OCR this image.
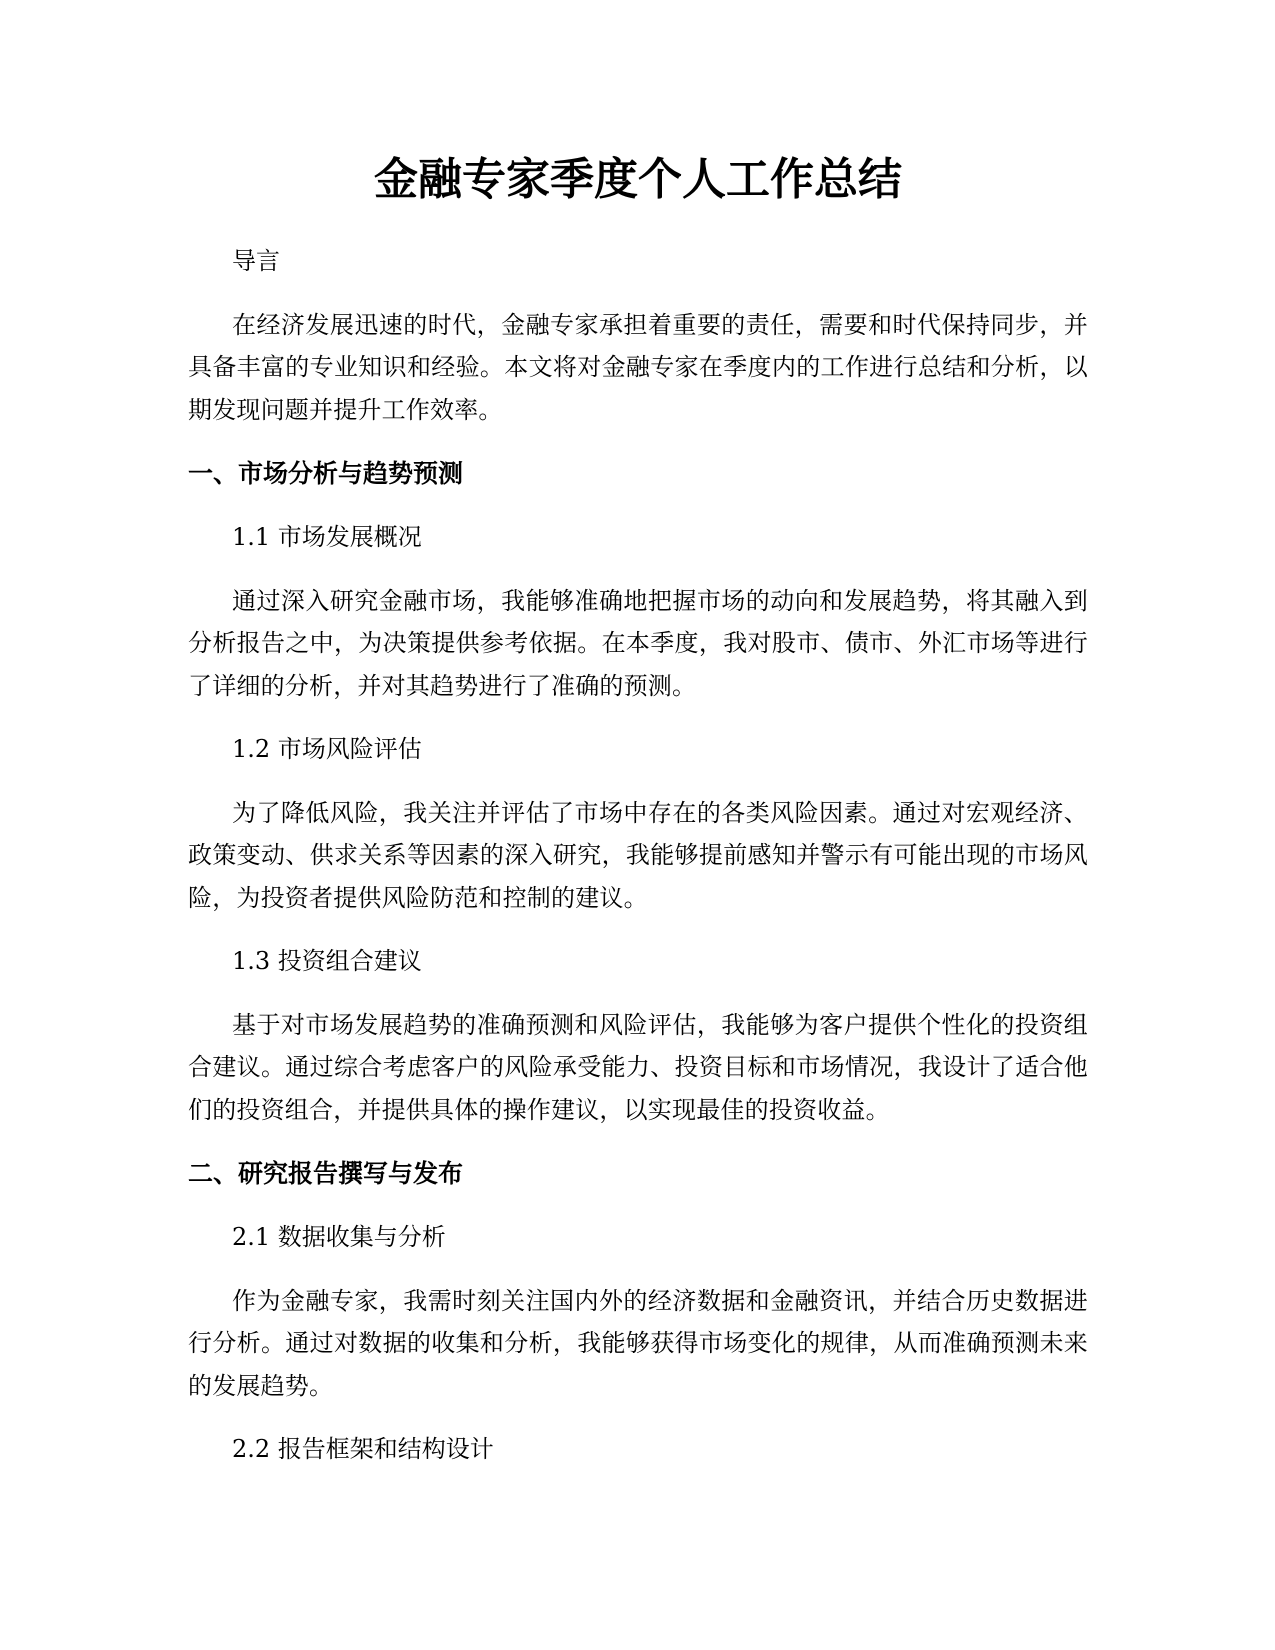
金融专家季度个人工作总结

导言

在经济发展迅速的时代，金融专家承担着重要的责任，需要和时代保持同步，并具备丰富的专业知识和经验。本文将对金融专家在季度内的工作进行总结和分析，以期发现问题并提升工作效率。

一、市场分析与趋势预测

1.1 市场发展概况

通过深入研究金融市场，我能够准确地把握市场的动向和发展趋势，将其融入到分析报告之中，为决策提供参考依据。在本季度，我对股市、债市、外汇市场等进行了详细的分析，并对其趋势进行了准确的预测。

1.2 市场风险评估

为了降低风险，我关注并评估了市场中存在的各类风险因素。通过对宏观经济、政策变动、供求关系等因素的深入研究，我能够提前感知并警示有可能出现的市场风险，为投资者提供风险防范和控制的建议。

1.3 投资组合建议

基于对市场发展趋势的准确预测和风险评估，我能够为客户提供个性化的投资组合建议。通过综合考虑客户的风险承受能力、投资目标和市场情况，我设计了适合他们的投资组合，并提供具体的操作建议，以实现最佳的投资收益。

二、研究报告撰写与发布

2.1 数据收集与分析

作为金融专家，我需时刻关注国内外的经济数据和金融资讯，并结合历史数据进行分析。通过对数据的收集和分析，我能够获得市场变化的规律，从而准确预测未来的发展趋势。

2.2 报告框架和结构设计
